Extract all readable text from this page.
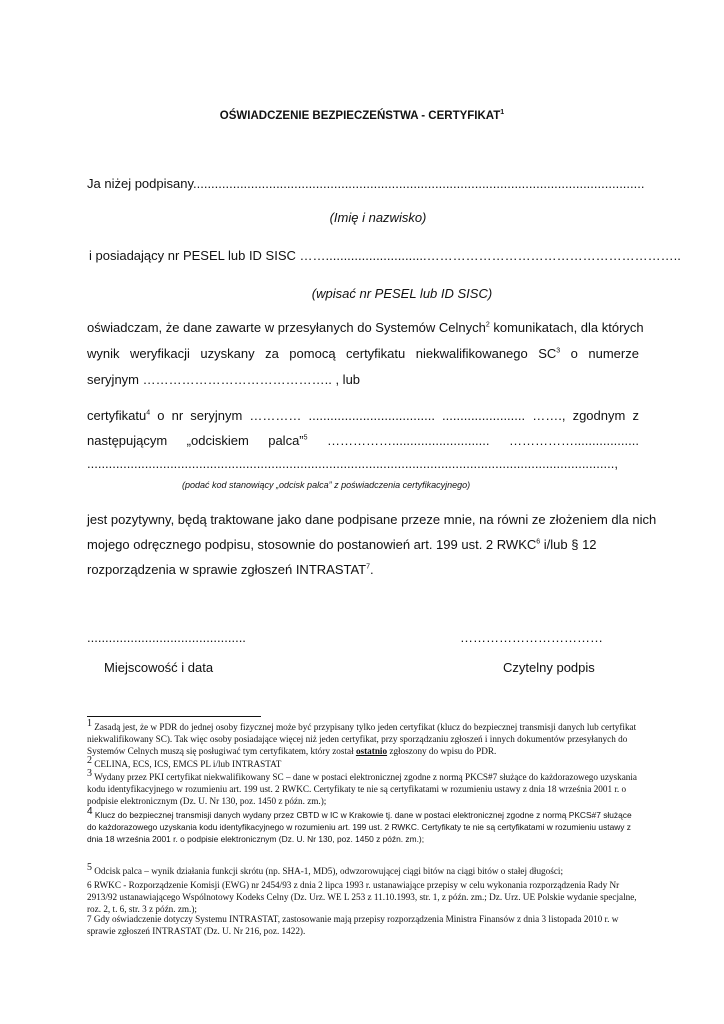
OŚWIADCZENIE BEZPIECZEŃSTWA - CERTYFIKAT$^1$
Ja niżej podpisany.............................................................................................................................
(Imię i nazwisko)
i posiadający nr PESEL lub ID SISC ……............................…………………………………………………..
(wpisać nr PESEL lub ID SISC)
oświadczam, że dane zawarte w przesyłanych do Systemów Celnych$^2$ komunikatach, dla których
wynik weryfikacji uzyskany za pomocą certyfikatu niekwalifikowanego $SC^3$ o numerze
seryjnym …………………………………….. , lub
certyfikatu$^4$ o nr seryjnym ………… ................................... ....................... ……., zgodnym z
następującym „odciskiem palca”$^5$ ……………........................... ……………..................
..................................................................................................................................................,
(podać kod stanowiący „odcisk palca” z poświadczenia certyfikacyjnego)
jest pozytywny, będą traktowane jako dane podpisane przeze mnie, na równi ze złożeniem dla nich
mojego odręcznego podpisu, stosownie do postanowień art. 199 ust. 2 RWKC$^6$ i/lub § 12
rozporządzenia w sprawie zgłoszeń INTRASTAT$^7$.
............................................	……………………………
Miejscowość i data	Czytelny podpis
1 Zasadą jest, że w PDR do jednej osoby fizycznej może być przypisany tylko jeden certyfikat (klucz do bezpiecznej transmisji danych lub certyfikat niekwalifikowany SC). Tak więc osoby posiadające więcej niż jeden certyfikat, przy sporządzaniu zgłoszeń i innych dokumentów przesyłanych do Systemów Celnych muszą się posługiwać tym certyfikatem, który został ostatnio zgłoszony do wpisu do PDR.
2 CELINA, ECS, ICS, EMCS PL i/lub INTRASTAT
3 Wydany przez PKI certyfikat niekwalifikowany SC – dane w postaci elektronicznej zgodne z normą PKCS#7 służące do każdorazowego uzyskania kodu identyfikacyjnego w rozumieniu art. 199 ust. 2 RWKC. Certyfikaty te nie są certyfikatami w rozumieniu ustawy z dnia 18 września 2001 r. o podpisie elektronicznym (Dz. U. Nr 130, poz. 1450 z późn. zm.);
4 Klucz do bezpiecznej transmisji danych wydany przez CBTD w IC w Krakowie tj. dane w postaci elektronicznej zgodne z normą PKCS#7 służące do każdorazowego uzyskania kodu identyfikacyjnego w rozumieniu art. 199 ust. 2 RWKC. Certyfikaty te nie są certyfikatami w rozumieniu ustawy z dnia 18 września 2001 r. o podpisie elektronicznym (Dz. U. Nr 130, poz. 1450 z późn. zm.);
5 Odcisk palca – wynik działania funkcji skrótu (np. SHA-1, MD5), odwzorowującej ciągi bitów na ciągi bitów o stałej długości;
6 RWKC - Rozporządzenie Komisji (EWG) nr 2454/93 z dnia 2 lipca 1993 r. ustanawiające przepisy w celu wykonania rozporządzenia Rady Nr 2913/92 ustanawiającego Wspólnotowy Kodeks Celny (Dz. Urz. WE L 253 z 11.10.1993, str. 1, z późn. zm.; Dz. Urz. UE Polskie wydanie specjalne, roz. 2, t. 6, str. 3 z późn. zm.);
7 Gdy oświadczenie dotyczy Systemu INTRASTAT, zastosowanie mają przepisy rozporządzenia Ministra Finansów z dnia 3 listopada 2010 r. w sprawie zgłoszeń INTRASTAT (Dz. U. Nr 216, poz. 1422).
